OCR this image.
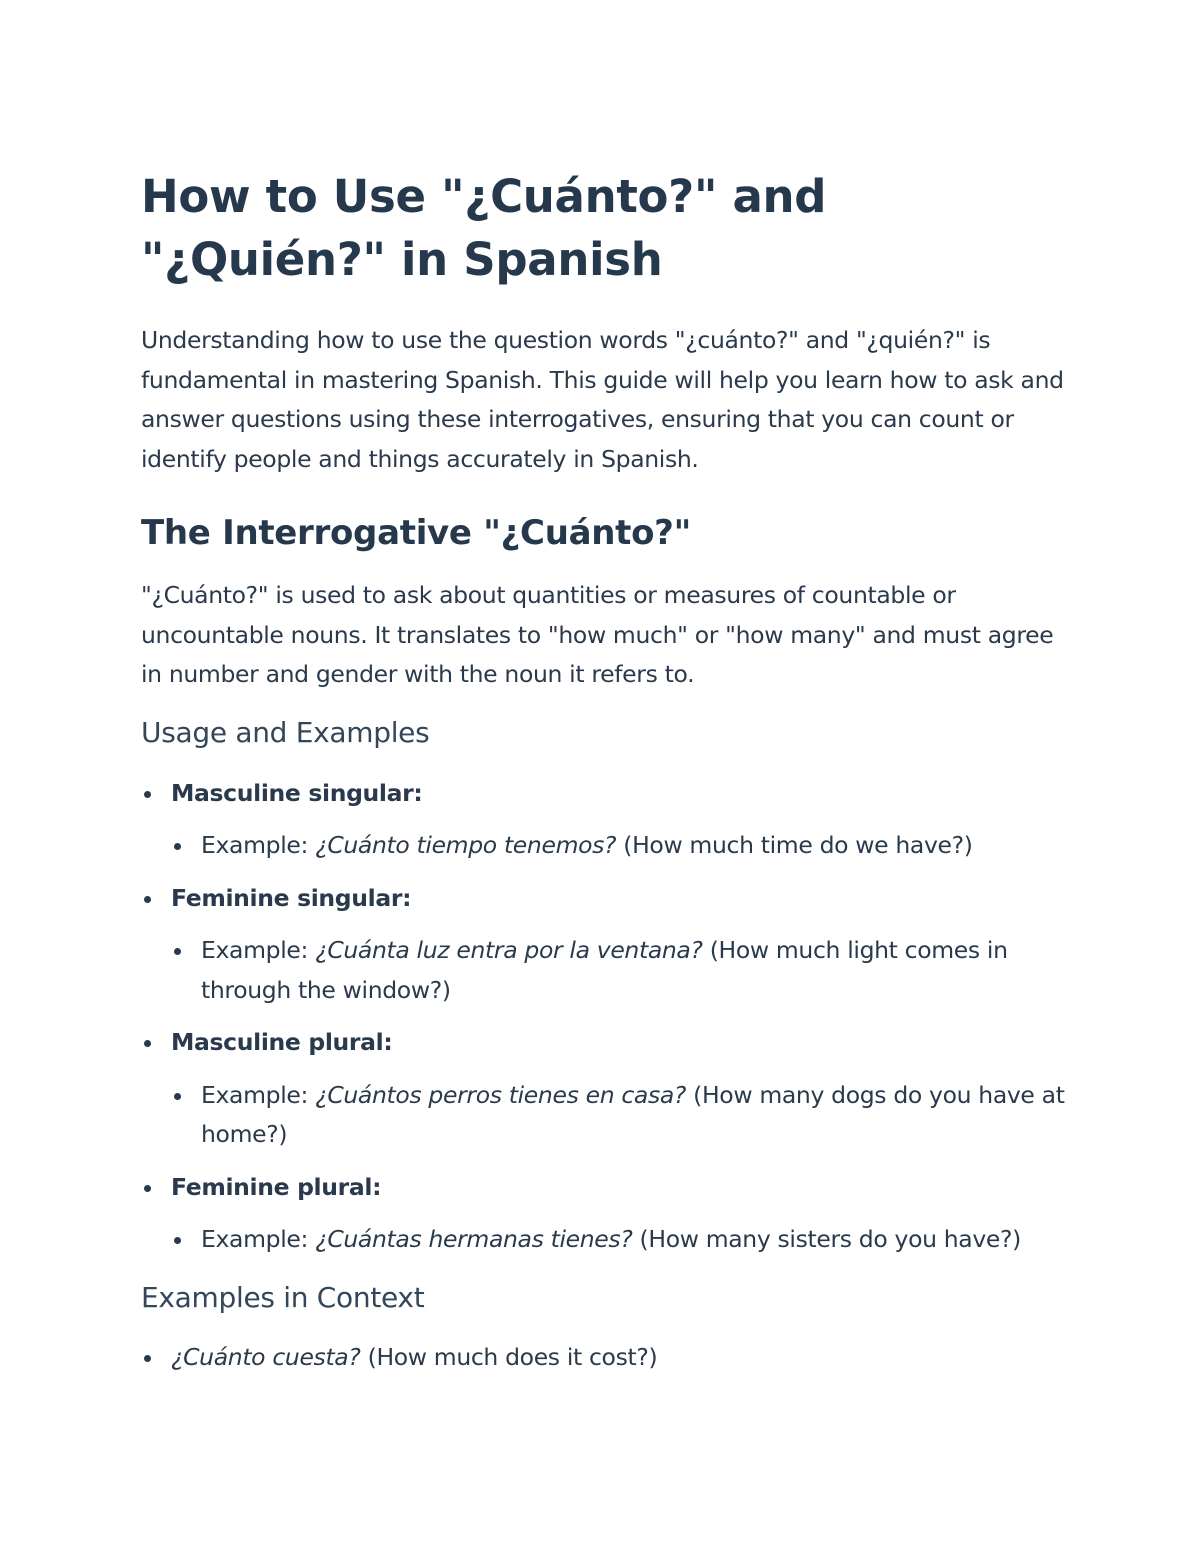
How to Use "¿Cuánto?" and "¿Quién?" in Spanish

Understanding how to use the question words "¿cuánto?" and "¿quién?" is fundamental in mastering Spanish. This guide will help you learn how to ask and answer questions using these interrogatives, ensuring that you can count or identify people and things accurately in Spanish.

The Interrogative "¿Cuánto?"

"¿Cuánto?" is used to ask about quantities or measures of countable or uncountable nouns. It translates to "how much" or "how many" and must agree in number and gender with the noun it refers to.

Usage and Examples
Masculine singular:
Example: ¿Cuánto tiempo tenemos? (How much time do we have?)
Feminine singular:
Example: ¿Cuánta luz entra por la ventana? (How much light comes in through the window?)
Masculine plural:
Example: ¿Cuántos perros tienes en casa? (How many dogs do you have at home?)
Feminine plural:
Example: ¿Cuántas hermanas tienes? (How many sisters do you have?)
Examples in Context
¿Cuánto cuesta? (How much does it cost?)
